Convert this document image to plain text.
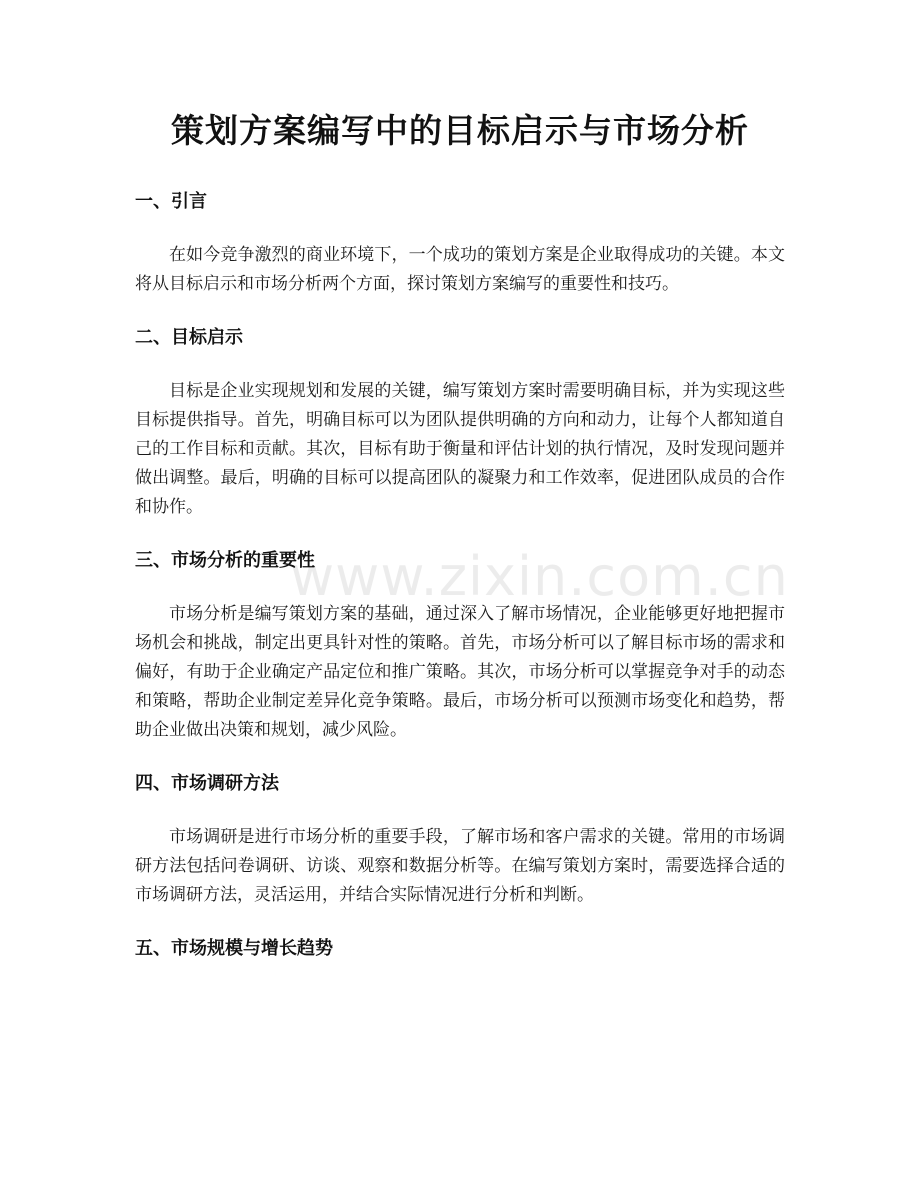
策划方案编写中的目标启示与市场分析
一、引言

在如今竞争激烈的商业环境下，一个成功的策划方案是企业取得成功的关键。本文将从目标启示和市场分析两个方面，探讨策划方案编写的重要性和技巧。

二、目标启示

目标是企业实现规划和发展的关键，编写策划方案时需要明确目标，并为实现这些目标提供指导。首先，明确目标可以为团队提供明确的方向和动力，让每个人都知道自己的工作目标和贡献。其次，目标有助于衡量和评估计划的执行情况，及时发现问题并做出调整。最后，明确的目标可以提高团队的凝聚力和工作效率，促进团队成员的合作和协作。

三、市场分析的重要性

市场分析是编写策划方案的基础，通过深入了解市场情况，企业能够更好地把握市场机会和挑战，制定出更具针对性的策略。首先，市场分析可以了解目标市场的需求和偏好，有助于企业确定产品定位和推广策略。其次，市场分析可以掌握竞争对手的动态和策略，帮助企业制定差异化竞争策略。最后，市场分析可以预测市场变化和趋势，帮助企业做出决策和规划，减少风险。

四、市场调研方法

市场调研是进行市场分析的重要手段，了解市场和客户需求的关键。常用的市场调研方法包括问卷调研、访谈、观察和数据分析等。在编写策划方案时，需要选择合适的市场调研方法，灵活运用，并结合实际情况进行分析和判断。

五、市场规模与增长趋势
www.zixin.com.cn
